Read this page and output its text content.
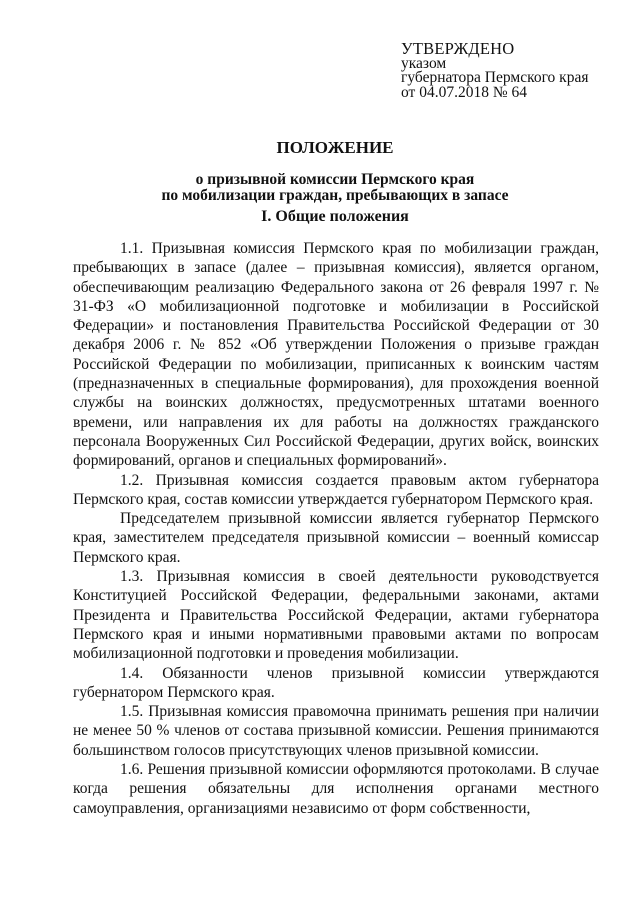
УТВЕРЖДЕНО
указом
губернатора Пермского края
от 04.07.2018 № 64
ПОЛОЖЕНИЕ
о призывной комиссии Пермского края
по мобилизации граждан, пребывающих в запасе
I. Общие положения

1.1. Призывная комиссия Пермского края по мобилизации граждан, пребывающих в запасе (далее – призывная комиссия), является органом, обеспечивающим реализацию Федерального закона от 26 февраля 1997 г. № 31-ФЗ «О мобилизационной подготовке и мобилизации в Российской Федерации» и постановления Правительства Российской Федерации от 30 декабря 2006 г. № 852 «Об утверждении Положения о призыве граждан Российской Федерации по мобилизации, приписанных к воинским частям (предназначенных в специальные формирования), для прохождения военной службы на воинских должностях, предусмотренных штатами военного времени, или направления их для работы на должностях гражданского персонала Вооруженных Сил Российской Федерации, других войск, воинских формирований, органов и специальных формирований».

1.2. Призывная комиссия создается правовым актом губернатора Пермского края, состав комиссии утверждается губернатором Пермского края.

Председателем призывной комиссии является губернатор Пермского края, заместителем председателя призывной комиссии – военный комиссар Пермского края.

1.3. Призывная комиссия в своей деятельности руководствуется Конституцией Российской Федерации, федеральными законами, актами Президента и Правительства Российской Федерации, актами губернатора Пермского края и иными нормативными правовыми актами по вопросам мобилизационной подготовки и проведения мобилизации.

1.4. Обязанности членов призывной комиссии утверждаются губернатором Пермского края.

1.5. Призывная комиссия правомочна принимать решения при наличии не менее 50 % членов от состава призывной комиссии. Решения принимаются большинством голосов присутствующих членов призывной комиссии.

1.6. Решения призывной комиссии оформляются протоколами. В случае когда решения обязательны для исполнения органами местного самоуправления, организациями независимо от форм собственности,
